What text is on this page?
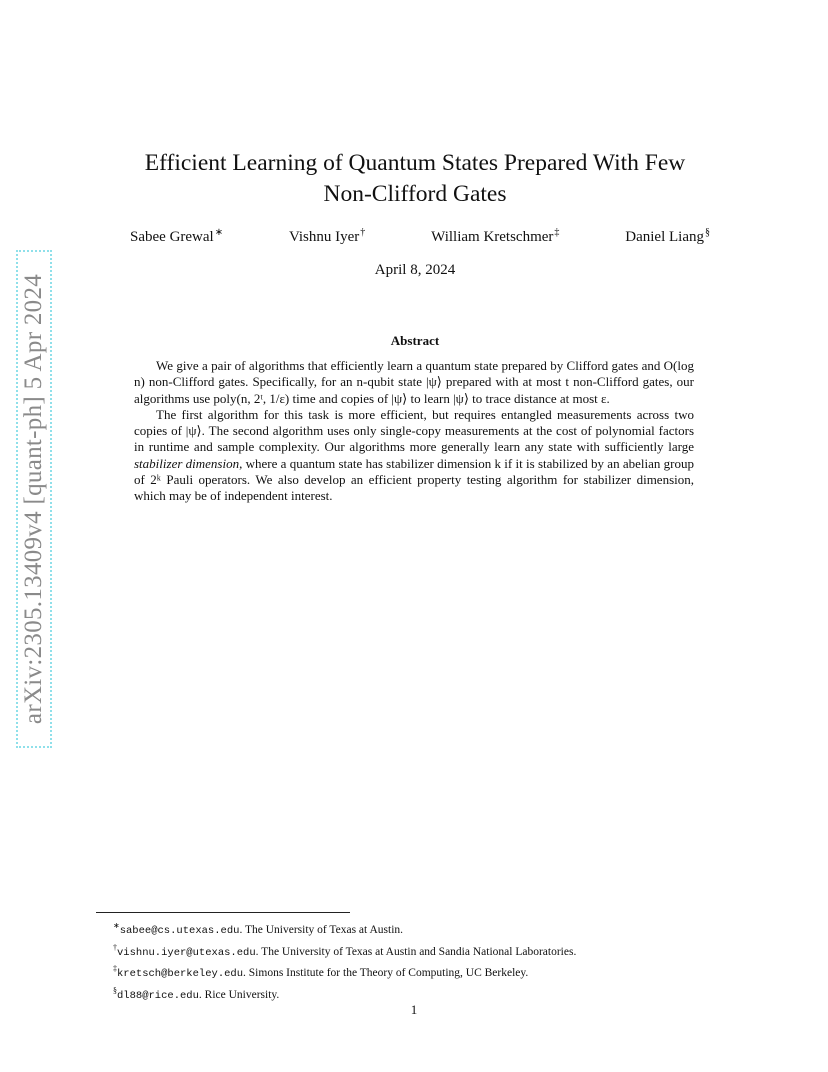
arXiv:2305.13409v4 [quant-ph] 5 Apr 2024
Efficient Learning of Quantum States Prepared With Few
Non-Clifford Gates
Sabee Grewal∗	Vishnu Iyer†	William Kretschmer‡	Daniel Liang§
April 8, 2024
Abstract

We give a pair of algorithms that efficiently learn a quantum state prepared by Clifford gates and O(log n) non-Clifford gates. Specifically, for an n-qubit state |ψ⟩ prepared with at most t non-Clifford gates, our algorithms use poly(n, 2ᵗ, 1/ε) time and copies of |ψ⟩ to learn |ψ⟩ to trace distance at most ε.

The first algorithm for this task is more efficient, but requires entangled measurements across two copies of |ψ⟩. The second algorithm uses only single-copy measurements at the cost of polynomial factors in runtime and sample complexity. Our algorithms more generally learn any state with sufficiently large stabilizer dimension, where a quantum state has stabilizer dimension k if it is stabilized by an abelian group of 2ᵏ Pauli operators. We also develop an efficient property testing algorithm for stabilizer dimension, which may be of independent interest.

∗sabee@cs.utexas.edu. The University of Texas at Austin.

†vishnu.iyer@utexas.edu. The University of Texas at Austin and Sandia National Laboratories.

‡kretsch@berkeley.edu. Simons Institute for the Theory of Computing, UC Berkeley.

§dl88@rice.edu. Rice University.

1
